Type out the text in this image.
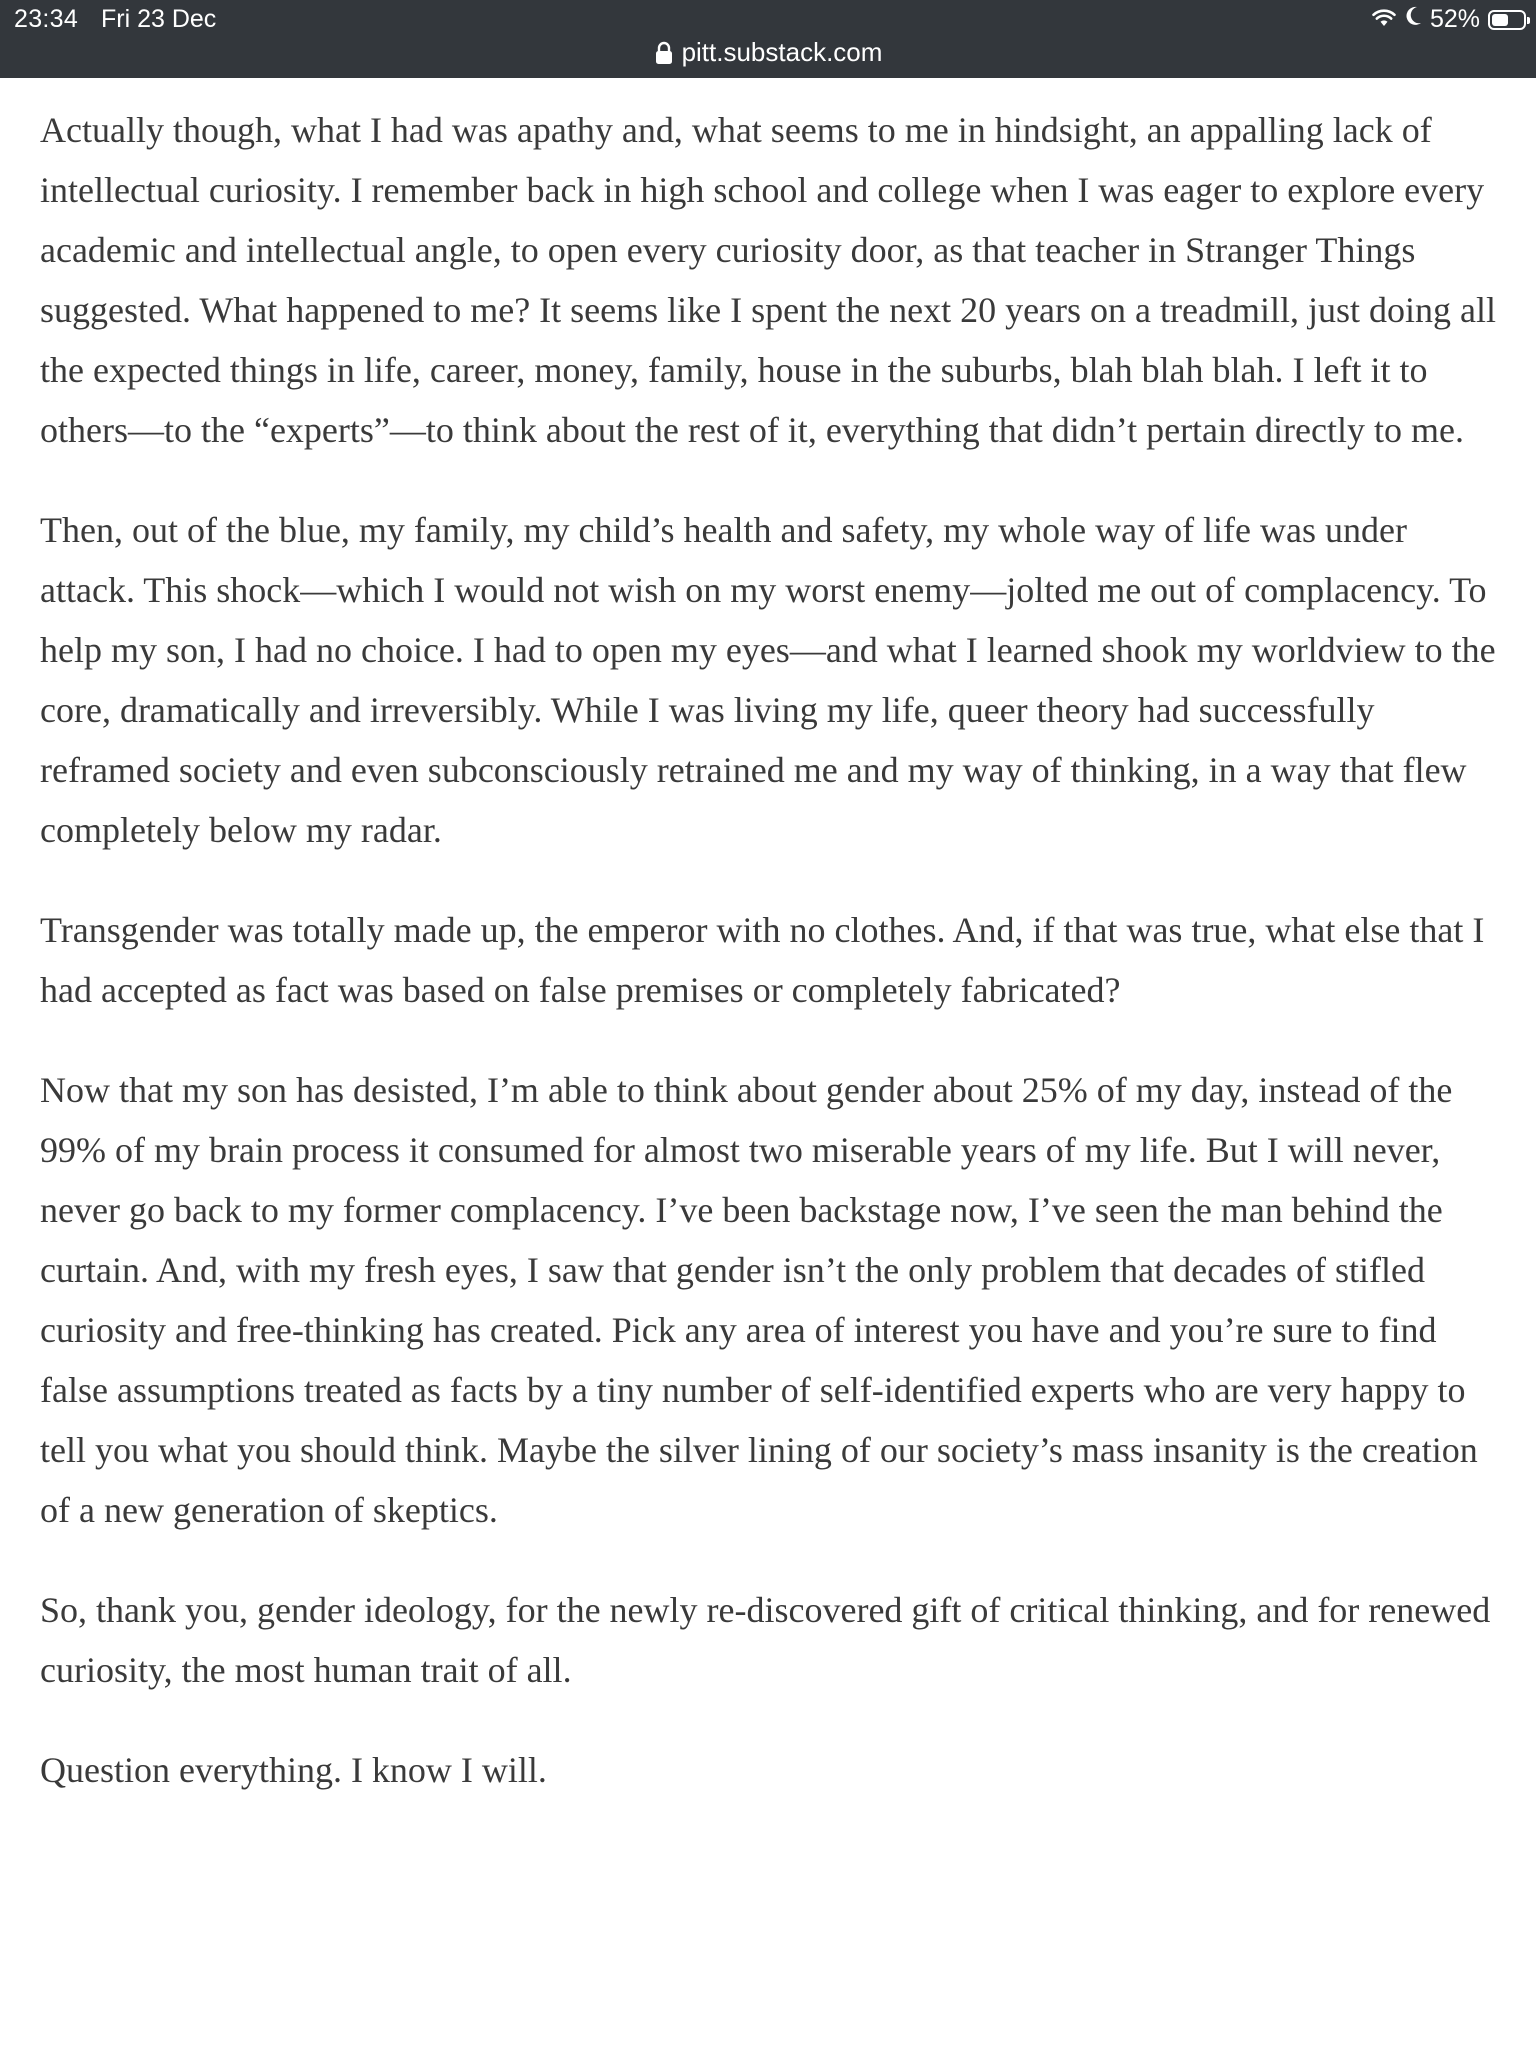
23:34 Fri 23 Dec
pitt.substack.com
52%

Actually though, what I had was apathy and, what seems to me in hindsight, an appalling lack of intellectual curiosity. I remember back in high school and college when I was eager to explore every academic and intellectual angle, to open every curiosity door, as that teacher in Stranger Things suggested. What happened to me? It seems like I spent the next 20 years on a treadmill, just doing all the expected things in life, career, money, family, house in the suburbs, blah blah blah. I left it to others—to the “experts”—to think about the rest of it, everything that didn’t pertain directly to me.

Then, out of the blue, my family, my child’s health and safety, my whole way of life was under attack. This shock—which I would not wish on my worst enemy—jolted me out of complacency. To help my son, I had no choice. I had to open my eyes—and what I learned shook my worldview to the core, dramatically and irreversibly. While I was living my life, queer theory had successfully reframed society and even subconsciously retrained me and my way of thinking, in a way that flew completely below my radar.

Transgender was totally made up, the emperor with no clothes. And, if that was true, what else that I had accepted as fact was based on false premises or completely fabricated?

Now that my son has desisted, I’m able to think about gender about 25% of my day, instead of the 99% of my brain process it consumed for almost two miserable years of my life. But I will never, never go back to my former complacency. I’ve been backstage now, I’ve seen the man behind the curtain. And, with my fresh eyes, I saw that gender isn’t the only problem that decades of stifled curiosity and free-thinking has created. Pick any area of interest you have and you’re sure to find false assumptions treated as facts by a tiny number of self-identified experts who are very happy to tell you what you should think. Maybe the silver lining of our society’s mass insanity is the creation of a new generation of skeptics.

So, thank you, gender ideology, for the newly re-discovered gift of critical thinking, and for renewed curiosity, the most human trait of all.

Question everything. I know I will.
